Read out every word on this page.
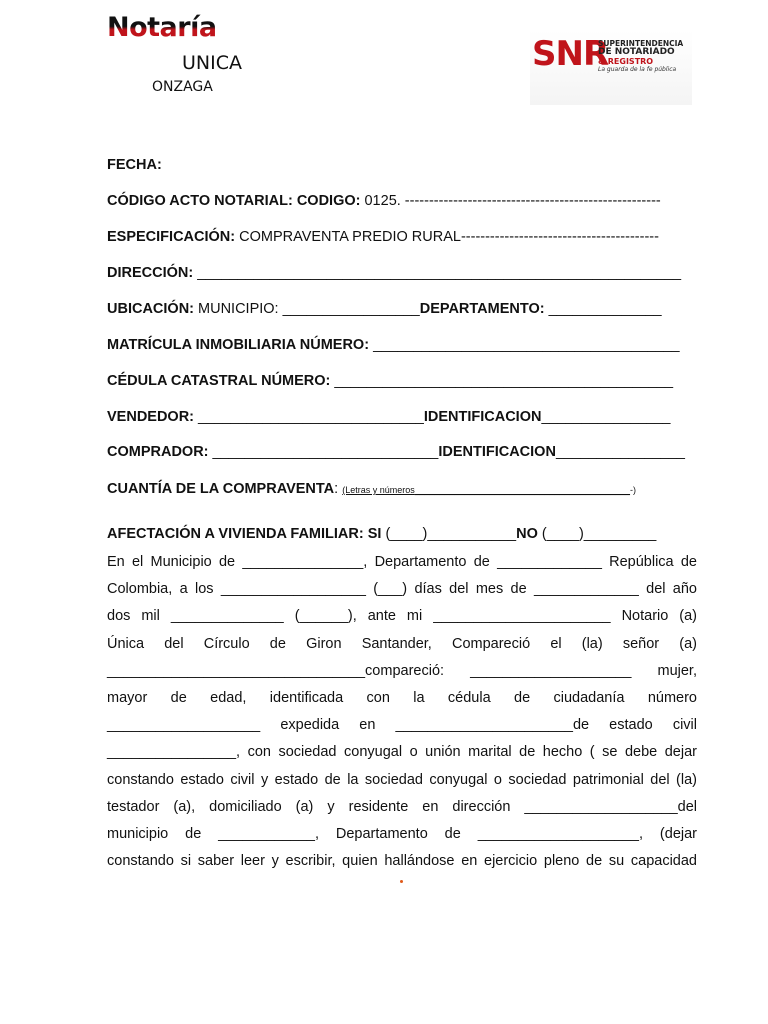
Notaría
UNICA
ONZAGA
SNR
SUPERINTENDENCIA
DE NOTARIADO
& REGISTRO
La guarda de la fe pública
FECHA:
CÓDIGO ACTO NOTARIAL: CODIGO: 0125. -----------------------------------------------------
ESPECIFICACIÓN: COMPRAVENTA PREDIO RURAL-----------------------------------------
DIRECCIÓN: ____________________________________________________________
UBICACIÓN: MUNICIPIO: _________________DEPARTAMENTO: ______________
MATRÍCULA INMOBILIARIA NÚMERO: ______________________________________
CÉDULA CATASTRAL NÚMERO: __________________________________________
VENDEDOR: ____________________________IDENTIFICACION________________
COMPRADOR: ____________________________IDENTIFICACION________________
CUANTÍA DE LA COMPRAVENTA: (Letras y números___________________________________________-)
AFECTACIÓN A VIVIENDA FAMILIAR: SI (____)___________NO (____)_________

En el Municipio de _______________, Departamento de _____________ República de

Colombia, a los __________________ (___) días del mes de _____________ del año

dos mil ______________ (______), ante mi ______________________ Notario (a)

Única del Círculo de Giron Santander, Compareció el (la) señor (a)

________________________________compareció: ____________________ mujer,

mayor de edad, identificada con la cédula de ciudadanía número

___________________ expedida en ______________________de estado civil

________________, con sociedad conyugal o unión marital de hecho ( se debe dejar

constando estado civil y estado de la sociedad conyugal o sociedad patrimonial del (la)

testador (a), domiciliado (a) y residente en dirección ___________________del

municipio de ____________, Departamento de ____________________, (dejar

constando si saber leer y escribir, quien hallándose en ejercicio pleno de su capacidad
